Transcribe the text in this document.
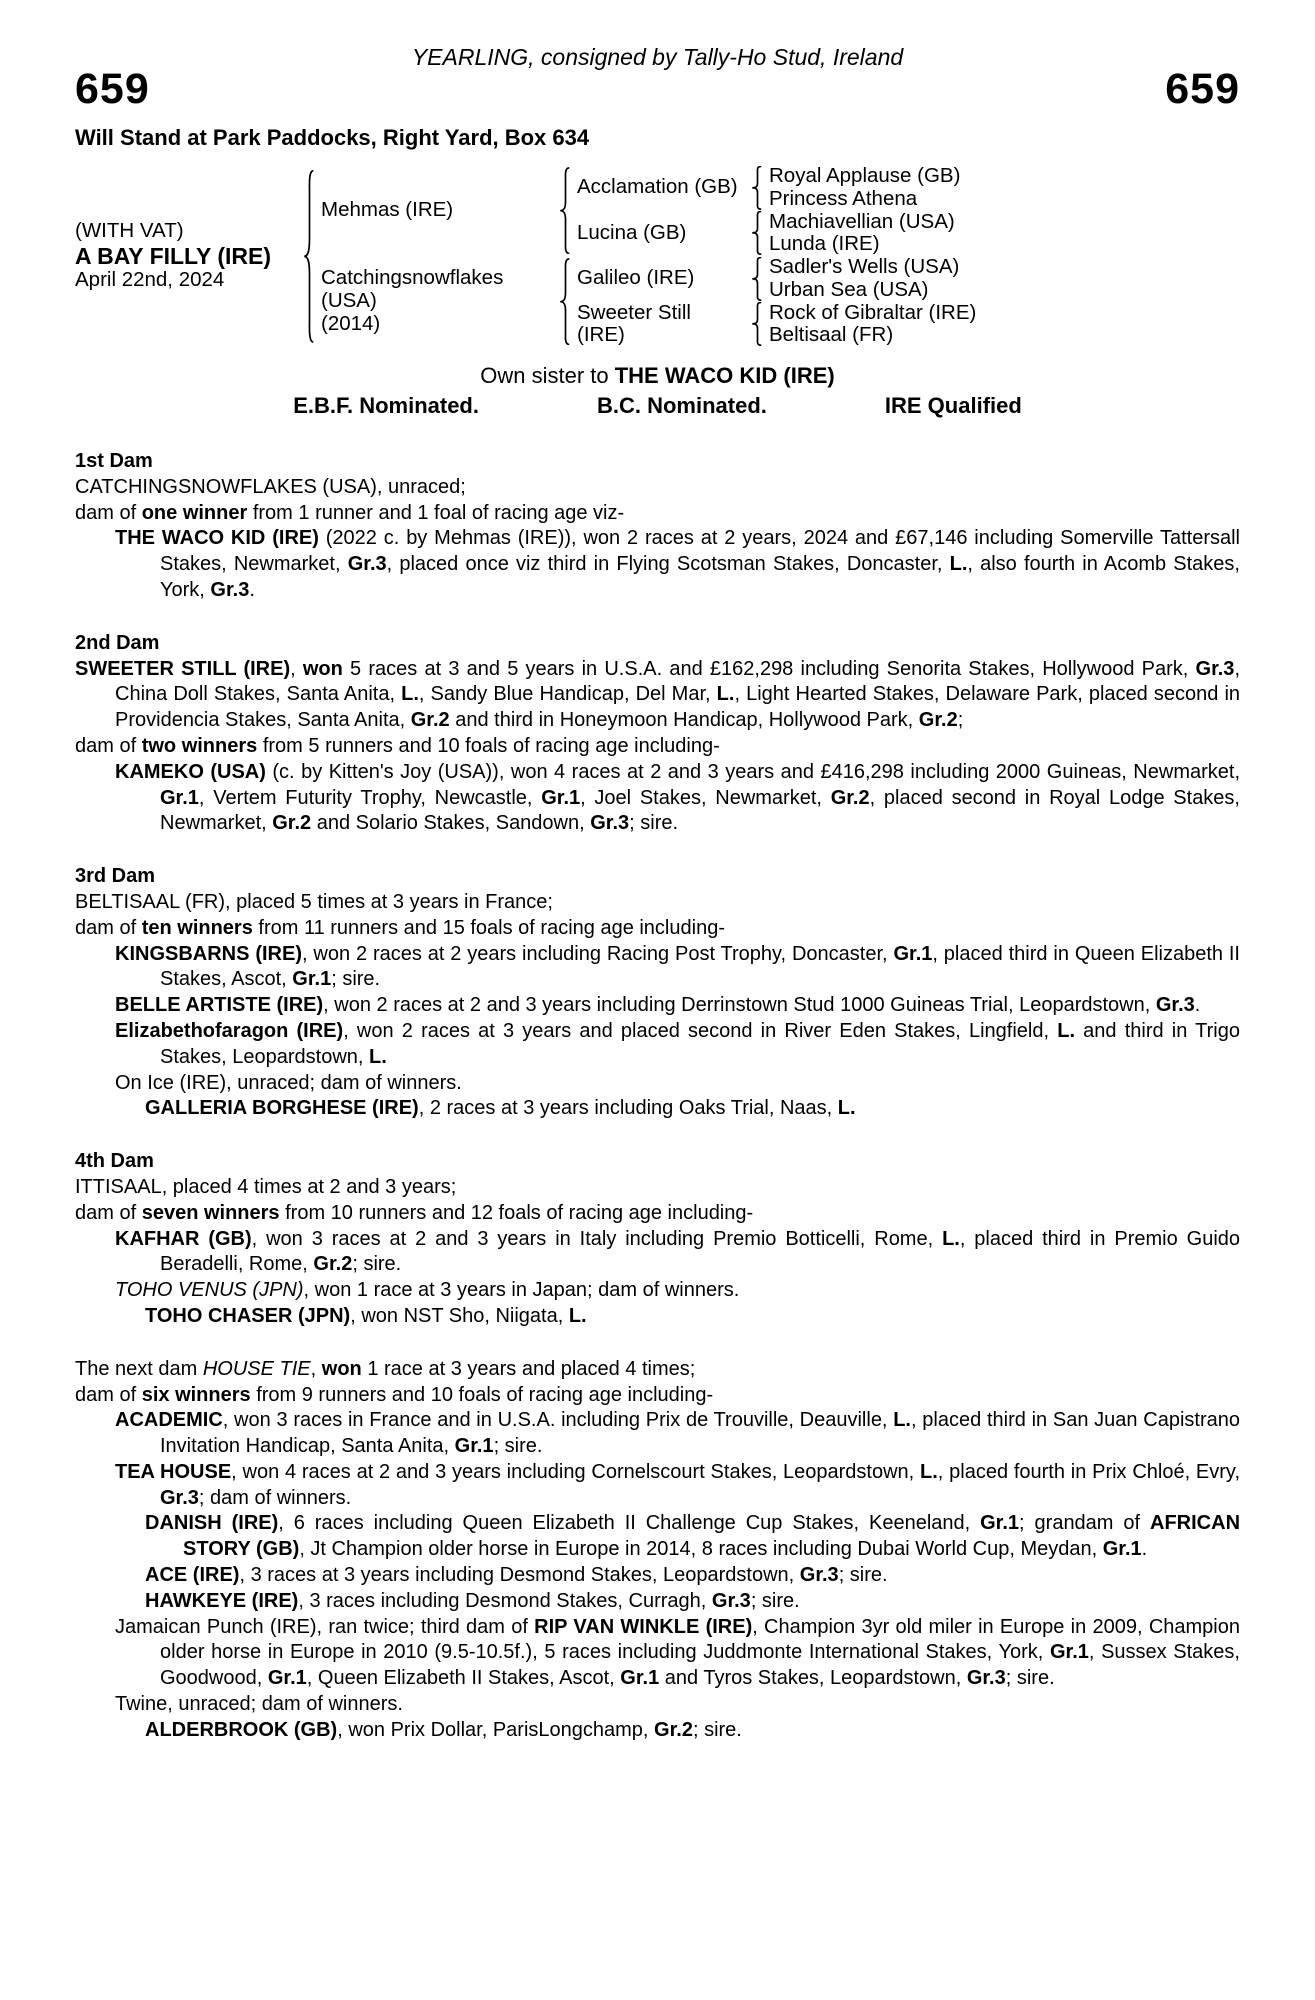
YEARLING, consigned by Tally-Ho Stud, Ireland
659	659
Will Stand at Park Paddocks, Right Yard, Box 634
(WITH VAT)
A BAY FILLY (IRE)
April 22nd, 2024
Mehmas (IRE)
Catchingsnowflakes
(USA)
(2014)
Acclamation (GB)
Lucina (GB)
Galileo (IRE)
Sweeter Still
(IRE)
Royal Applause (GB)
Princess Athena
Machiavellian (USA)
Lunda (IRE)
Sadler's Wells (USA)
Urban Sea (USA)
Rock of Gibraltar (IRE)
Beltisaal (FR)
Own sister to THE WACO KID (IRE)
E.B.F. Nominated.	B.C. Nominated.	IRE Qualified
1st Dam

CATCHINGSNOWFLAKES (USA), unraced;

dam of one winner from 1 runner and 1 foal of racing age viz-

THE WACO KID (IRE) (2022 c. by Mehmas (IRE)), won 2 races at 2 years, 2024 and £67,146 including Somerville Tattersall Stakes, Newmarket, Gr.3, placed once viz third in Flying Scotsman Stakes, Doncaster, L., also fourth in Acomb Stakes, York, Gr.3.

2nd Dam

SWEETER STILL (IRE), won 5 races at 3 and 5 years in U.S.A. and £162,298 including Senorita Stakes, Hollywood Park, Gr.3, China Doll Stakes, Santa Anita, L., Sandy Blue Handicap, Del Mar, L., Light Hearted Stakes, Delaware Park, placed second in Providencia Stakes, Santa Anita, Gr.2 and third in Honeymoon Handicap, Hollywood Park, Gr.2;

dam of two winners from 5 runners and 10 foals of racing age including-

KAMEKO (USA) (c. by Kitten's Joy (USA)), won 4 races at 2 and 3 years and £416,298 including 2000 Guineas, Newmarket, Gr.1, Vertem Futurity Trophy, Newcastle, Gr.1, Joel Stakes, Newmarket, Gr.2, placed second in Royal Lodge Stakes, Newmarket, Gr.2 and Solario Stakes, Sandown, Gr.3; sire.

3rd Dam

BELTISAAL (FR), placed 5 times at 3 years in France;

dam of ten winners from 11 runners and 15 foals of racing age including-

KINGSBARNS (IRE), won 2 races at 2 years including Racing Post Trophy, Doncaster, Gr.1, placed third in Queen Elizabeth II Stakes, Ascot, Gr.1; sire.

BELLE ARTISTE (IRE), won 2 races at 2 and 3 years including Derrinstown Stud 1000 Guineas Trial, Leopardstown, Gr.3.

Elizabethofaragon (IRE), won 2 races at 3 years and placed second in River Eden Stakes, Lingfield, L. and third in Trigo Stakes, Leopardstown, L.

On Ice (IRE), unraced; dam of winners.

GALLERIA BORGHESE (IRE), 2 races at 3 years including Oaks Trial, Naas, L.

4th Dam

ITTISAAL, placed 4 times at 2 and 3 years;

dam of seven winners from 10 runners and 12 foals of racing age including-

KAFHAR (GB), won 3 races at 2 and 3 years in Italy including Premio Botticelli, Rome, L., placed third in Premio Guido Beradelli, Rome, Gr.2; sire.

TOHO VENUS (JPN), won 1 race at 3 years in Japan; dam of winners.

TOHO CHASER (JPN), won NST Sho, Niigata, L.

The next dam HOUSE TIE, won 1 race at 3 years and placed 4 times;

dam of six winners from 9 runners and 10 foals of racing age including-

ACADEMIC, won 3 races in France and in U.S.A. including Prix de Trouville, Deauville, L., placed third in San Juan Capistrano Invitation Handicap, Santa Anita, Gr.1; sire.

TEA HOUSE, won 4 races at 2 and 3 years including Cornelscourt Stakes, Leopardstown, L., placed fourth in Prix Chloé, Evry, Gr.3; dam of winners.

DANISH (IRE), 6 races including Queen Elizabeth II Challenge Cup Stakes, Keeneland, Gr.1; grandam of AFRICAN STORY (GB), Jt Champion older horse in Europe in 2014, 8 races including Dubai World Cup, Meydan, Gr.1.

ACE (IRE), 3 races at 3 years including Desmond Stakes, Leopardstown, Gr.3; sire.

HAWKEYE (IRE), 3 races including Desmond Stakes, Curragh, Gr.3; sire.

Jamaican Punch (IRE), ran twice; third dam of RIP VAN WINKLE (IRE), Champion 3yr old miler in Europe in 2009, Champion older horse in Europe in 2010 (9.5-10.5f.), 5 races including Juddmonte International Stakes, York, Gr.1, Sussex Stakes, Goodwood, Gr.1, Queen Elizabeth II Stakes, Ascot, Gr.1 and Tyros Stakes, Leopardstown, Gr.3; sire.

Twine, unraced; dam of winners.

ALDERBROOK (GB), won Prix Dollar, ParisLongchamp, Gr.2; sire.
